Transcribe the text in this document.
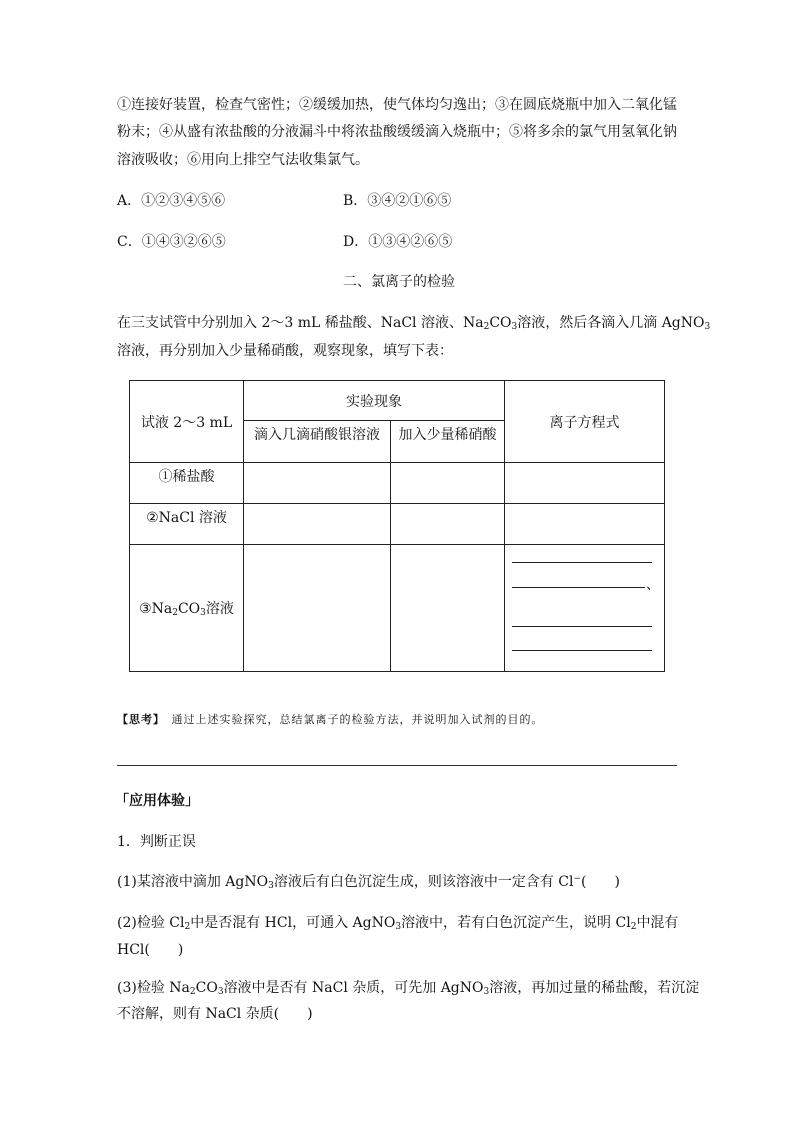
①连接好装置，检查气密性；②缓缓加热，使气体均匀逸出；③在圆底烧瓶中加入二氧化锰
粉末；④从盛有浓盐酸的分液漏斗中将浓盐酸缓缓滴入烧瓶中；⑤将多余的氯气用氢氧化钠
溶液吸收；⑥用向上排空气法收集氯气。
A．①②③④⑤⑥	B．③④②①⑥⑤
C．①④③②⑥⑤	D．①③④②⑥⑤
二、氯离子的检验
在三支试管中分别加入 2～3 mL 稀盐酸、NaCl 溶液、$Na_2CO_3$溶液，然后各滴入几滴 AgNO$_3$
溶液，再分别加入少量稀硝酸，观察现象，填写下表：
试液 2～3 mL	实验现象		离子方程式
	滴入几滴硝酸银溶液	加入少量稀硝酸	
①稀盐酸			
②NaCl 溶液			
$③Na_2CO_3$溶液			
、
【思考】　 通过上述实验探究，总结氯离子的检验方法，并说明加入试剂的目的。
「应用体验」
1．判断正误
(1)某溶液中滴加 AgNO$_3$溶液后有白色沉淀生成，则该溶液中一定含有 Cl−(　　)
(2)检验 $Cl_2$中是否混有 HCl，可通入 AgNO$_3$溶液中，若有白色沉淀产生，说明 $Cl_2$中混有
HCl(　　)
(3)检验 $Na_2CO_3$溶液中是否有 NaCl 杂质，可先加 AgNO$_3$溶液，再加过量的稀盐酸，若沉淀
不溶解，则有 NaCl 杂质(　　)
